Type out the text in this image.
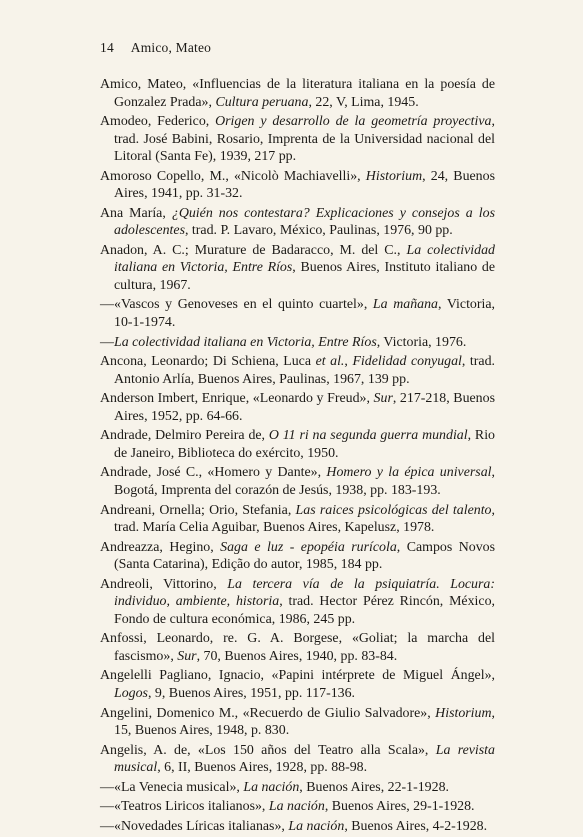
14 Amico, Mateo
Amico, Mateo, «Influencias de la literatura italiana en la poesía de Gonzalez Prada», Cultura peruana, 22, V, Lima, 1945.
Amodeo, Federico, Origen y desarrollo de la geometría proyectiva, trad. José Babini, Rosario, Imprenta de la Universidad nacional del Litoral (Santa Fe), 1939, 217 pp.
Amoroso Copello, M., «Nicolò Machiavelli», Historium, 24, Buenos Aires, 1941, pp. 31-32.
Ana María, ¿Quién nos contestara? Explicaciones y consejos a los adolescentes, trad. P. Lavaro, México, Paulinas, 1976, 90 pp.
Anadon, A. C.; Murature de Badaracco, M. del C., La colectividad italiana en Victoria, Entre Ríos, Buenos Aires, Instituto italiano de cultura, 1967.
—«Vascos y Genoveses en el quinto cuartel», La mañana, Victoria, 10-1-1974.
—La colectividad italiana en Victoria, Entre Ríos, Victoria, 1976.
Ancona, Leonardo; Di Schiena, Luca et al., Fidelidad conyugal, trad. Antonio Arlía, Buenos Aires, Paulinas, 1967, 139 pp.
Anderson Imbert, Enrique, «Leonardo y Freud», Sur, 217-218, Buenos Aires, 1952, pp. 64-66.
Andrade, Delmiro Pereira de, O 11 ri na segunda guerra mundial, Rio de Janeiro, Biblioteca do exército, 1950.
Andrade, José C., «Homero y Dante», Homero y la épica universal, Bogotá, Imprenta del corazón de Jesús, 1938, pp. 183-193.
Andreani, Ornella; Orio, Stefania, Las raices psicológicas del talento, trad. María Celia Aguibar, Buenos Aires, Kapelusz, 1978.
Andreazza, Hegino, Saga e luz - epopéia rurícola, Campos Novos (Santa Catarina), Edição do autor, 1985, 184 pp.
Andreoli, Vittorino, La tercera vía de la psiquiatría. Locura: individuo, ambiente, historia, trad. Hector Pérez Rincón, México, Fondo de cultura económica, 1986, 245 pp.
Anfossi, Leonardo, re. G. A. Borgese, «Goliat; la marcha del fascismo», Sur, 70, Buenos Aires, 1940, pp. 83-84.
Angelelli Pagliano, Ignacio, «Papini intérprete de Miguel Ángel», Logos, 9, Buenos Aires, 1951, pp. 117-136.
Angelini, Domenico M., «Recuerdo de Giulio Salvadore», Historium, 15, Buenos Aires, 1948, p. 830.
Angelis, A. de, «Los 150 años del Teatro alla Scala», La revista musical, 6, II, Buenos Aires, 1928, pp. 88-98.
—«La Venecia musical», La nación, Buenos Aires, 22-1-1928.
—«Teatros Liricos italianos», La nación, Buenos Aires, 29-1-1928.
—«Novedades Líricas italianas», La nación, Buenos Aires, 4-2-1928.
